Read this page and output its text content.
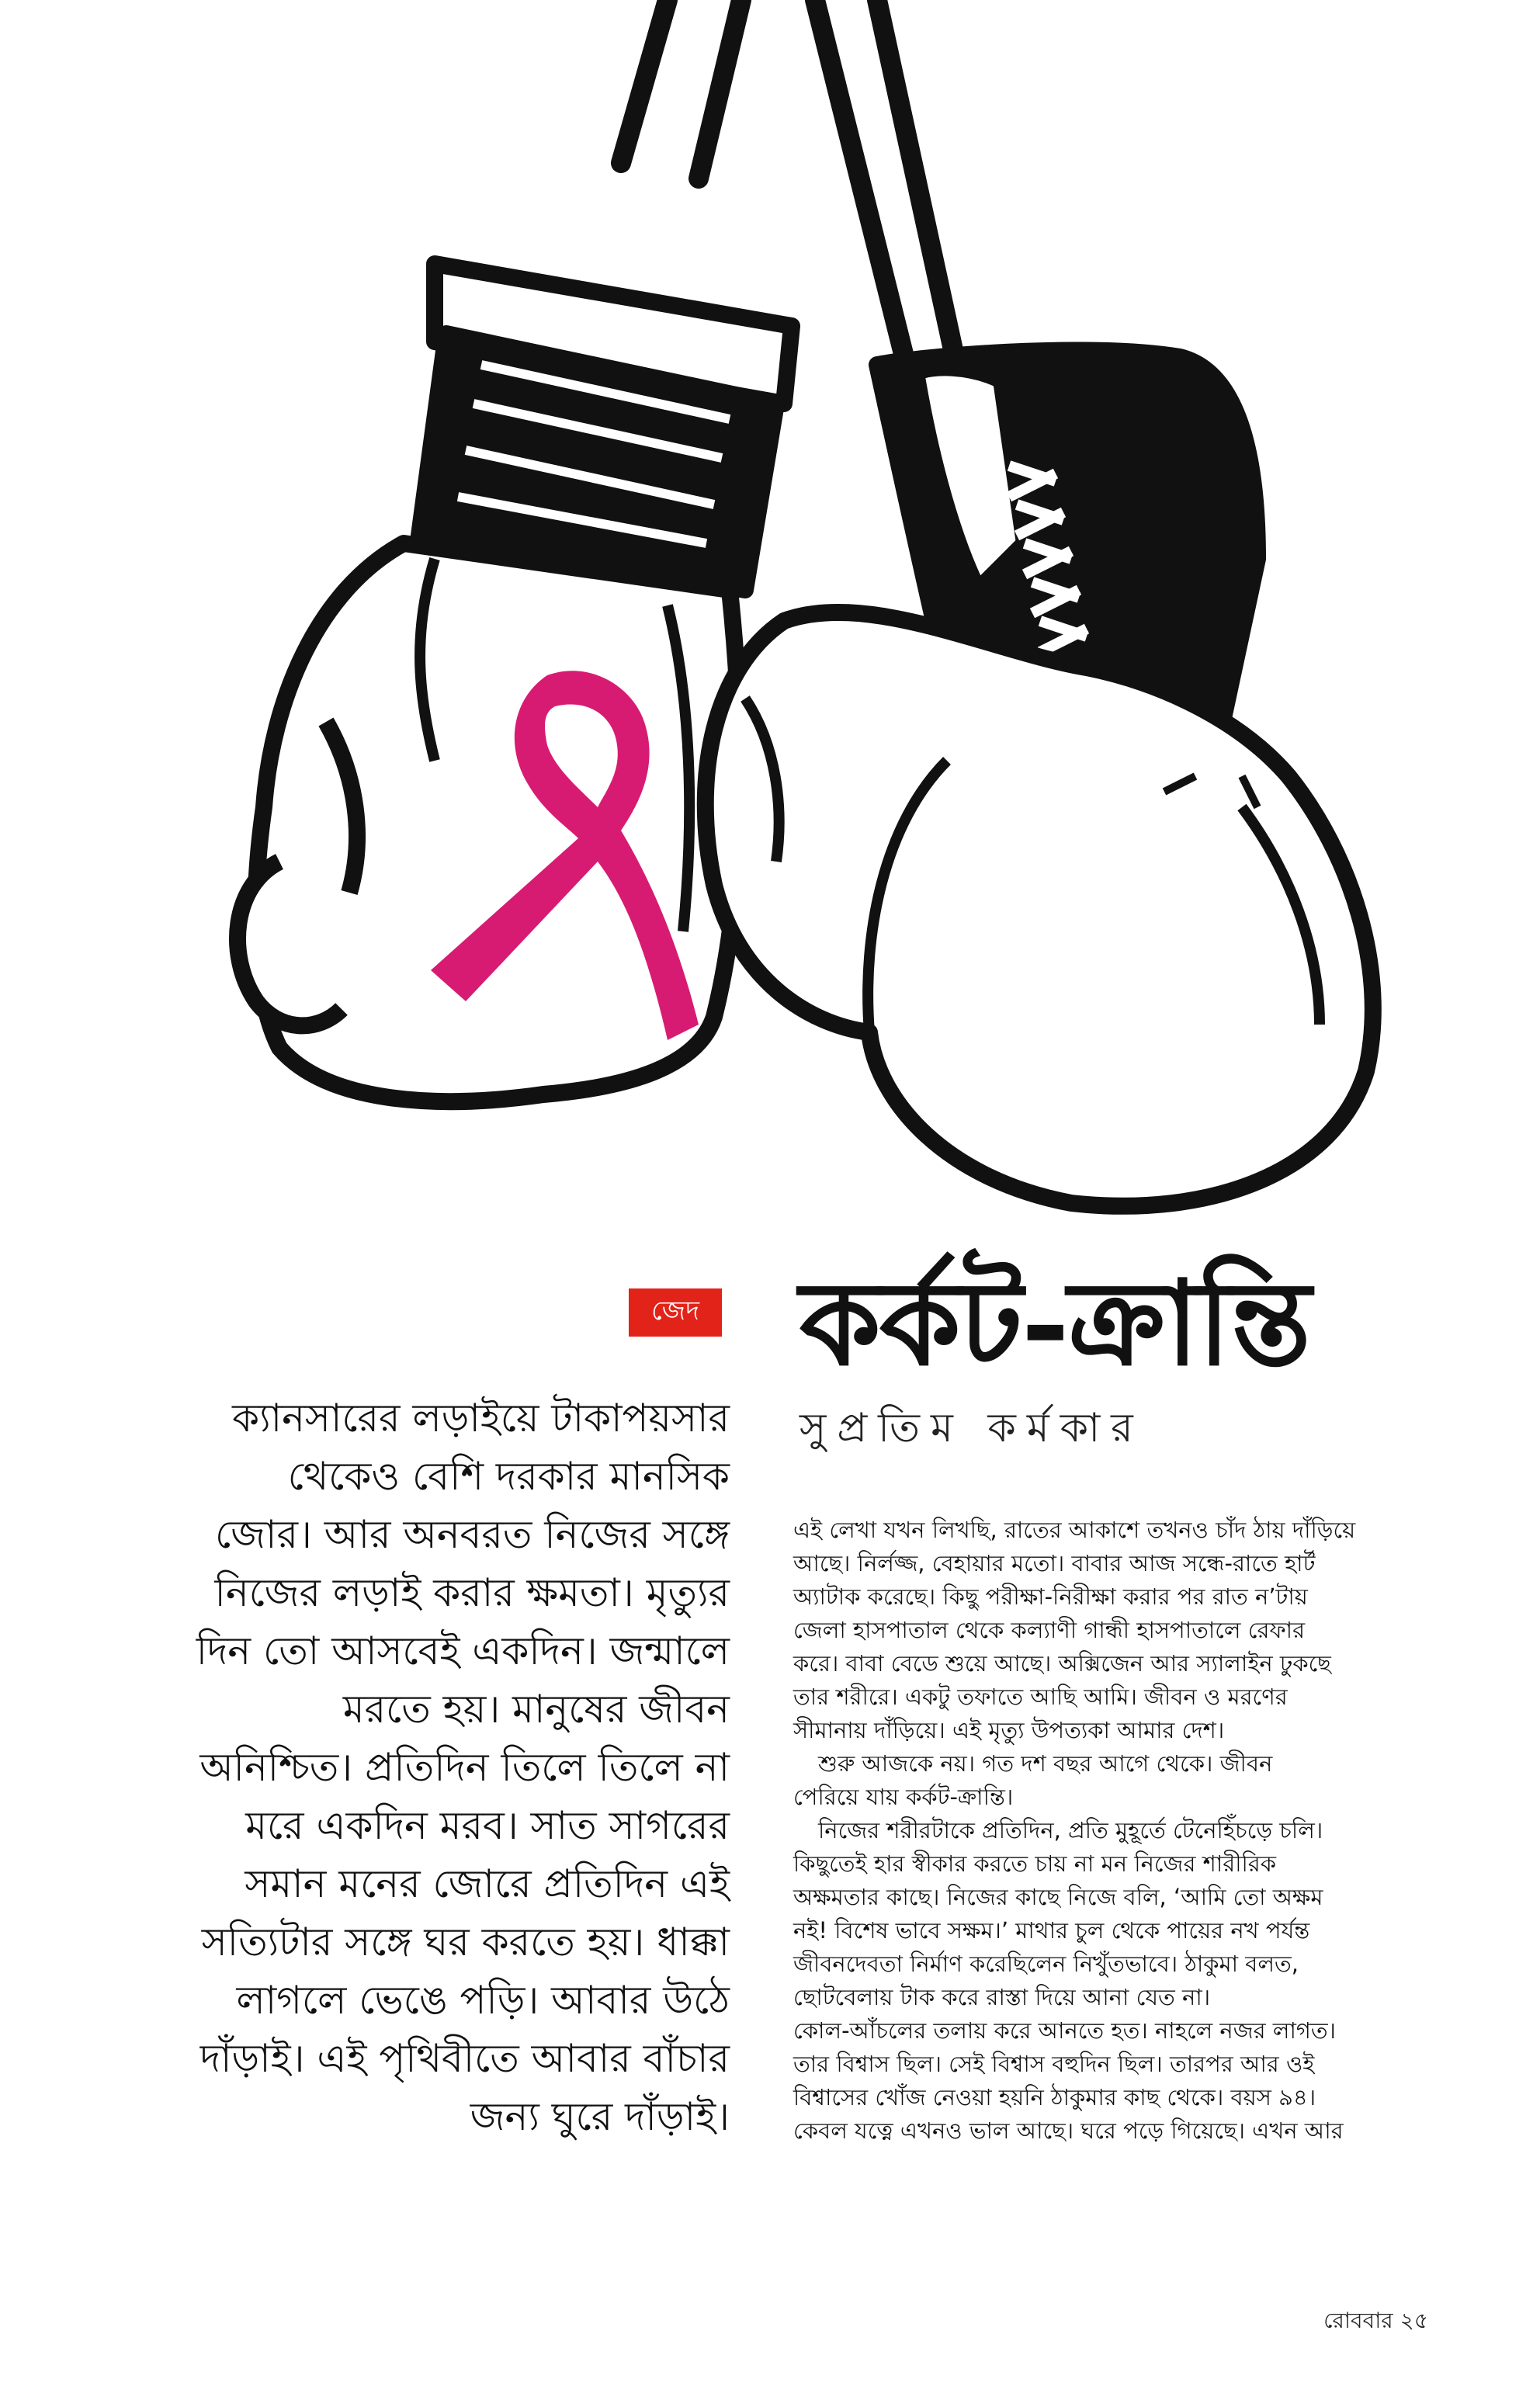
জেদ কর্কট-ক্রান্তি
সুপ্রতিম কর্মকার
ক্যানসারের লড়াইয়ে টাকাপয়সার
থেকেও বেশি দরকার মানসিক
জোর। আর অনবরত নিজের সঙ্গে
নিজের লড়াই করার ক্ষমতা। মৃত্যুর
দিন তো আসবেই একদিন। জন্মালে
মরতে হয়। মানুষের জীবন
অনিশ্চিত। প্রতিদিন তিলে তিলে না
মরে একদিন মরব। সাত সাগরের
সমান মনের জোরে প্রতিদিন এই
সত্যিটার সঙ্গে ঘর করতে হয়। ধাক্কা
লাগলে ভেঙে পড়ি। আবার উঠে
দাঁড়াই। এই পৃথিবীতে আবার বাঁচার
জন্য ঘুরে দাঁড়াই।
এই লেখা যখন লিখছি, রাতের আকাশে তখনও চাঁদ ঠায় দাঁড়িয়ে
আছে। নির্লজ্জ, বেহায়ার মতো। বাবার আজ সন্ধে-রাতে হার্ট
অ্যাটাক করেছে। কিছু পরীক্ষা-নিরীক্ষা করার পর রাত ন’টায়
জেলা হাসপাতাল থেকে কল্যাণী গান্ধী হাসপাতালে রেফার
করে। বাবা বেডে শুয়ে আছে। অক্সিজেন আর স্যালাইন ঢুকছে
তার শরীরে। একটু তফাতে আছি আমি। জীবন ও মরণের
সীমানায় দাঁড়িয়ে। এই মৃত্যু উপত্যকা আমার দেশ।
শুরু আজকে নয়। গত দশ বছর আগে থেকে। জীবন
পেরিয়ে যায় কর্কট-ক্রান্তি।
নিজের শরীরটাকে প্রতিদিন, প্রতি মুহূর্তে টেনেহিঁচড়ে চলি।
কিছুতেই হার স্বীকার করতে চায় না মন নিজের শারীরিক
অক্ষমতার কাছে। নিজের কাছে নিজে বলি, ‘আমি তো অক্ষম
নই! বিশেষ ভাবে সক্ষম।’ মাথার চুল থেকে পায়ের নখ পর্যন্ত
জীবনদেবতা নির্মাণ করেছিলেন নিখুঁতভাবে। ঠাকুমা বলত,
ছোটবেলায় টাক করে রাস্তা দিয়ে আনা যেত না।
কোল-আঁচলের তলায় করে আনতে হত। নাহলে নজর লাগত।
তার বিশ্বাস ছিল। সেই বিশ্বাস বহুদিন ছিল। তারপর আর ওই
বিশ্বাসের খোঁজ নেওয়া হয়নি ঠাকুমার কাছ থেকে। বয়স ৯৪।
কেবল যত্নে এখনও ভাল আছে। ঘরে পড়ে গিয়েছে। এখন আর
রোববার ২৫
